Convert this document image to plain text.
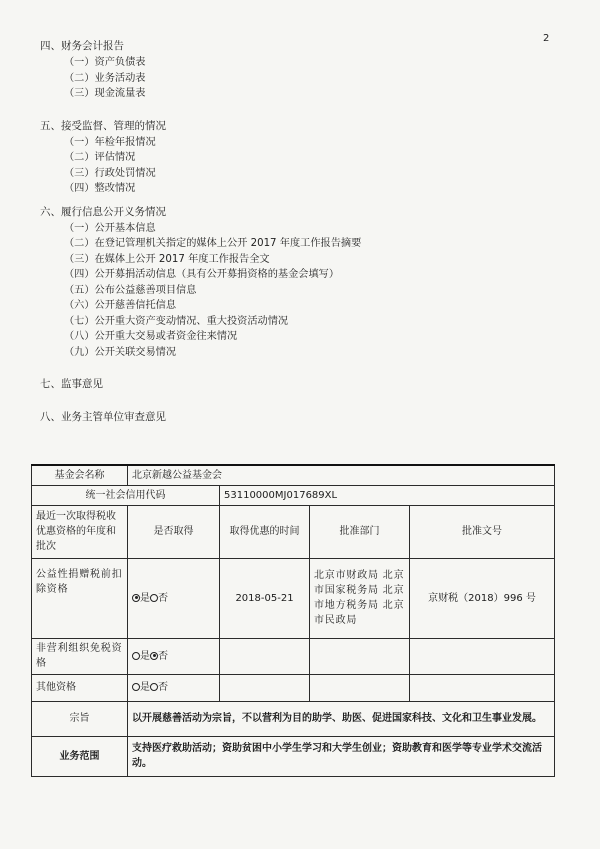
2
四、财务会计报告
（一）资产负债表
（二）业务活动表
（三）现金流量表
五、接受监督、管理的情况
（一）年检年报情况
（二）评估情况
（三）行政处罚情况
（四）整改情况
六、履行信息公开义务情况
（一）公开基本信息
（二）在登记管理机关指定的媒体上公开 2017 年度工作报告摘要
（三）在媒体上公开 2017 年度工作报告全文
（四）公开募捐活动信息（具有公开募捐资格的基金会填写）
（五）公布公益慈善项目信息
（六）公开慈善信托信息
（七）公开重大资产变动情况、重大投资活动情况
（八）公开重大交易或者资金往来情况
（九）公开关联交易情况
七、监事意见
八、业务主管单位审查意见
基金会名称	北京新越公益基金会			
统一社会信用代码		53110000MJ017689XL		
最近一次取得税收优惠资格的年度和批次	是否取得	取得优惠的时间	批准部门	批准文号
公益性捐赠税前扣除资格	是 否	2018-05-21	北京市财政局 北京市国家税务局 北京市地方税务局 北京市民政局	京财税（2018）996 号
非营利组织免税资格	是 否			
其他资格	是 否			
宗旨	以开展慈善活动为宗旨，不以营利为目的助学、助医、促进国家科技、文化和卫生事业发展。			
业务范围	支持医疗救助活动；资助贫困中小学生学习和大学生创业；资助教育和医学等专业学术交流活动。			
